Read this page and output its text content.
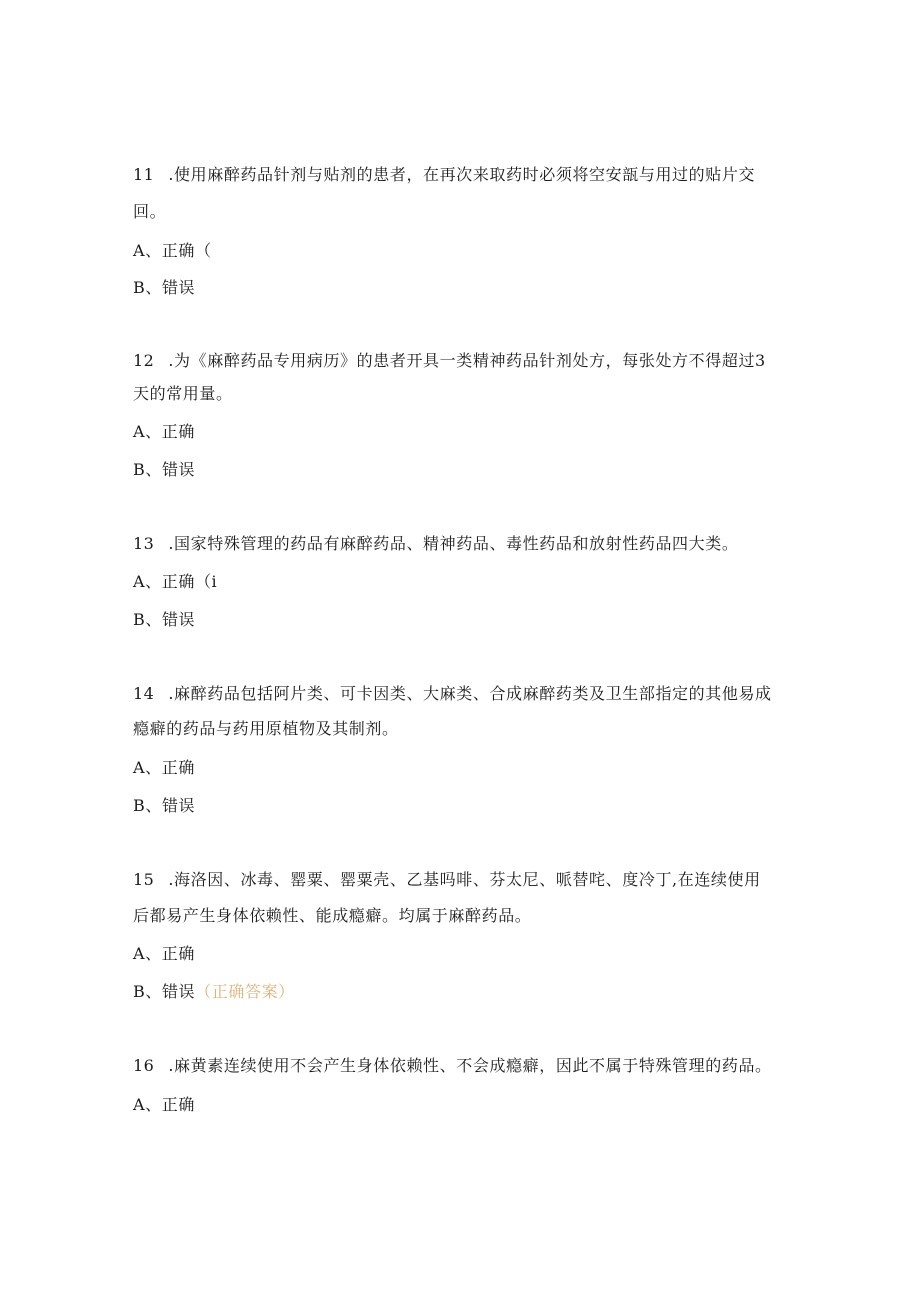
11 .使用麻醉药品针剂与贴剂的患者，在再次来取药时必须将空安瓿与用过的贴片交
回。
A、正确（
B、错误
12 .为《麻醉药品专用病历》的患者开具一类精神药品针剂处方，每张处方不得超过3
天的常用量。
A、正确
B、错误
13 .国家特殊管理的药品有麻醉药品、精神药品、毒性药品和放射性药品四大类。
A、正确（i
B、错误
14 .麻醉药品包括阿片类、可卡因类、大麻类、合成麻醉药类及卫生部指定的其他易成
瘾癖的药品与药用原植物及其制剂。
A、正确
B、错误
15 .海洛因、冰毒、罂粟、罂粟壳、乙基吗啡、芬太尼、哌替咤、度冷丁,在连续使用
后都易产生身体依赖性、能成瘾癖。均属于麻醉药品。
A、正确
B、错误（正确答案）
16 .麻黄素连续使用不会产生身体依赖性、不会成瘾癖，因此不属于特殊管理的药品。
A、正确
